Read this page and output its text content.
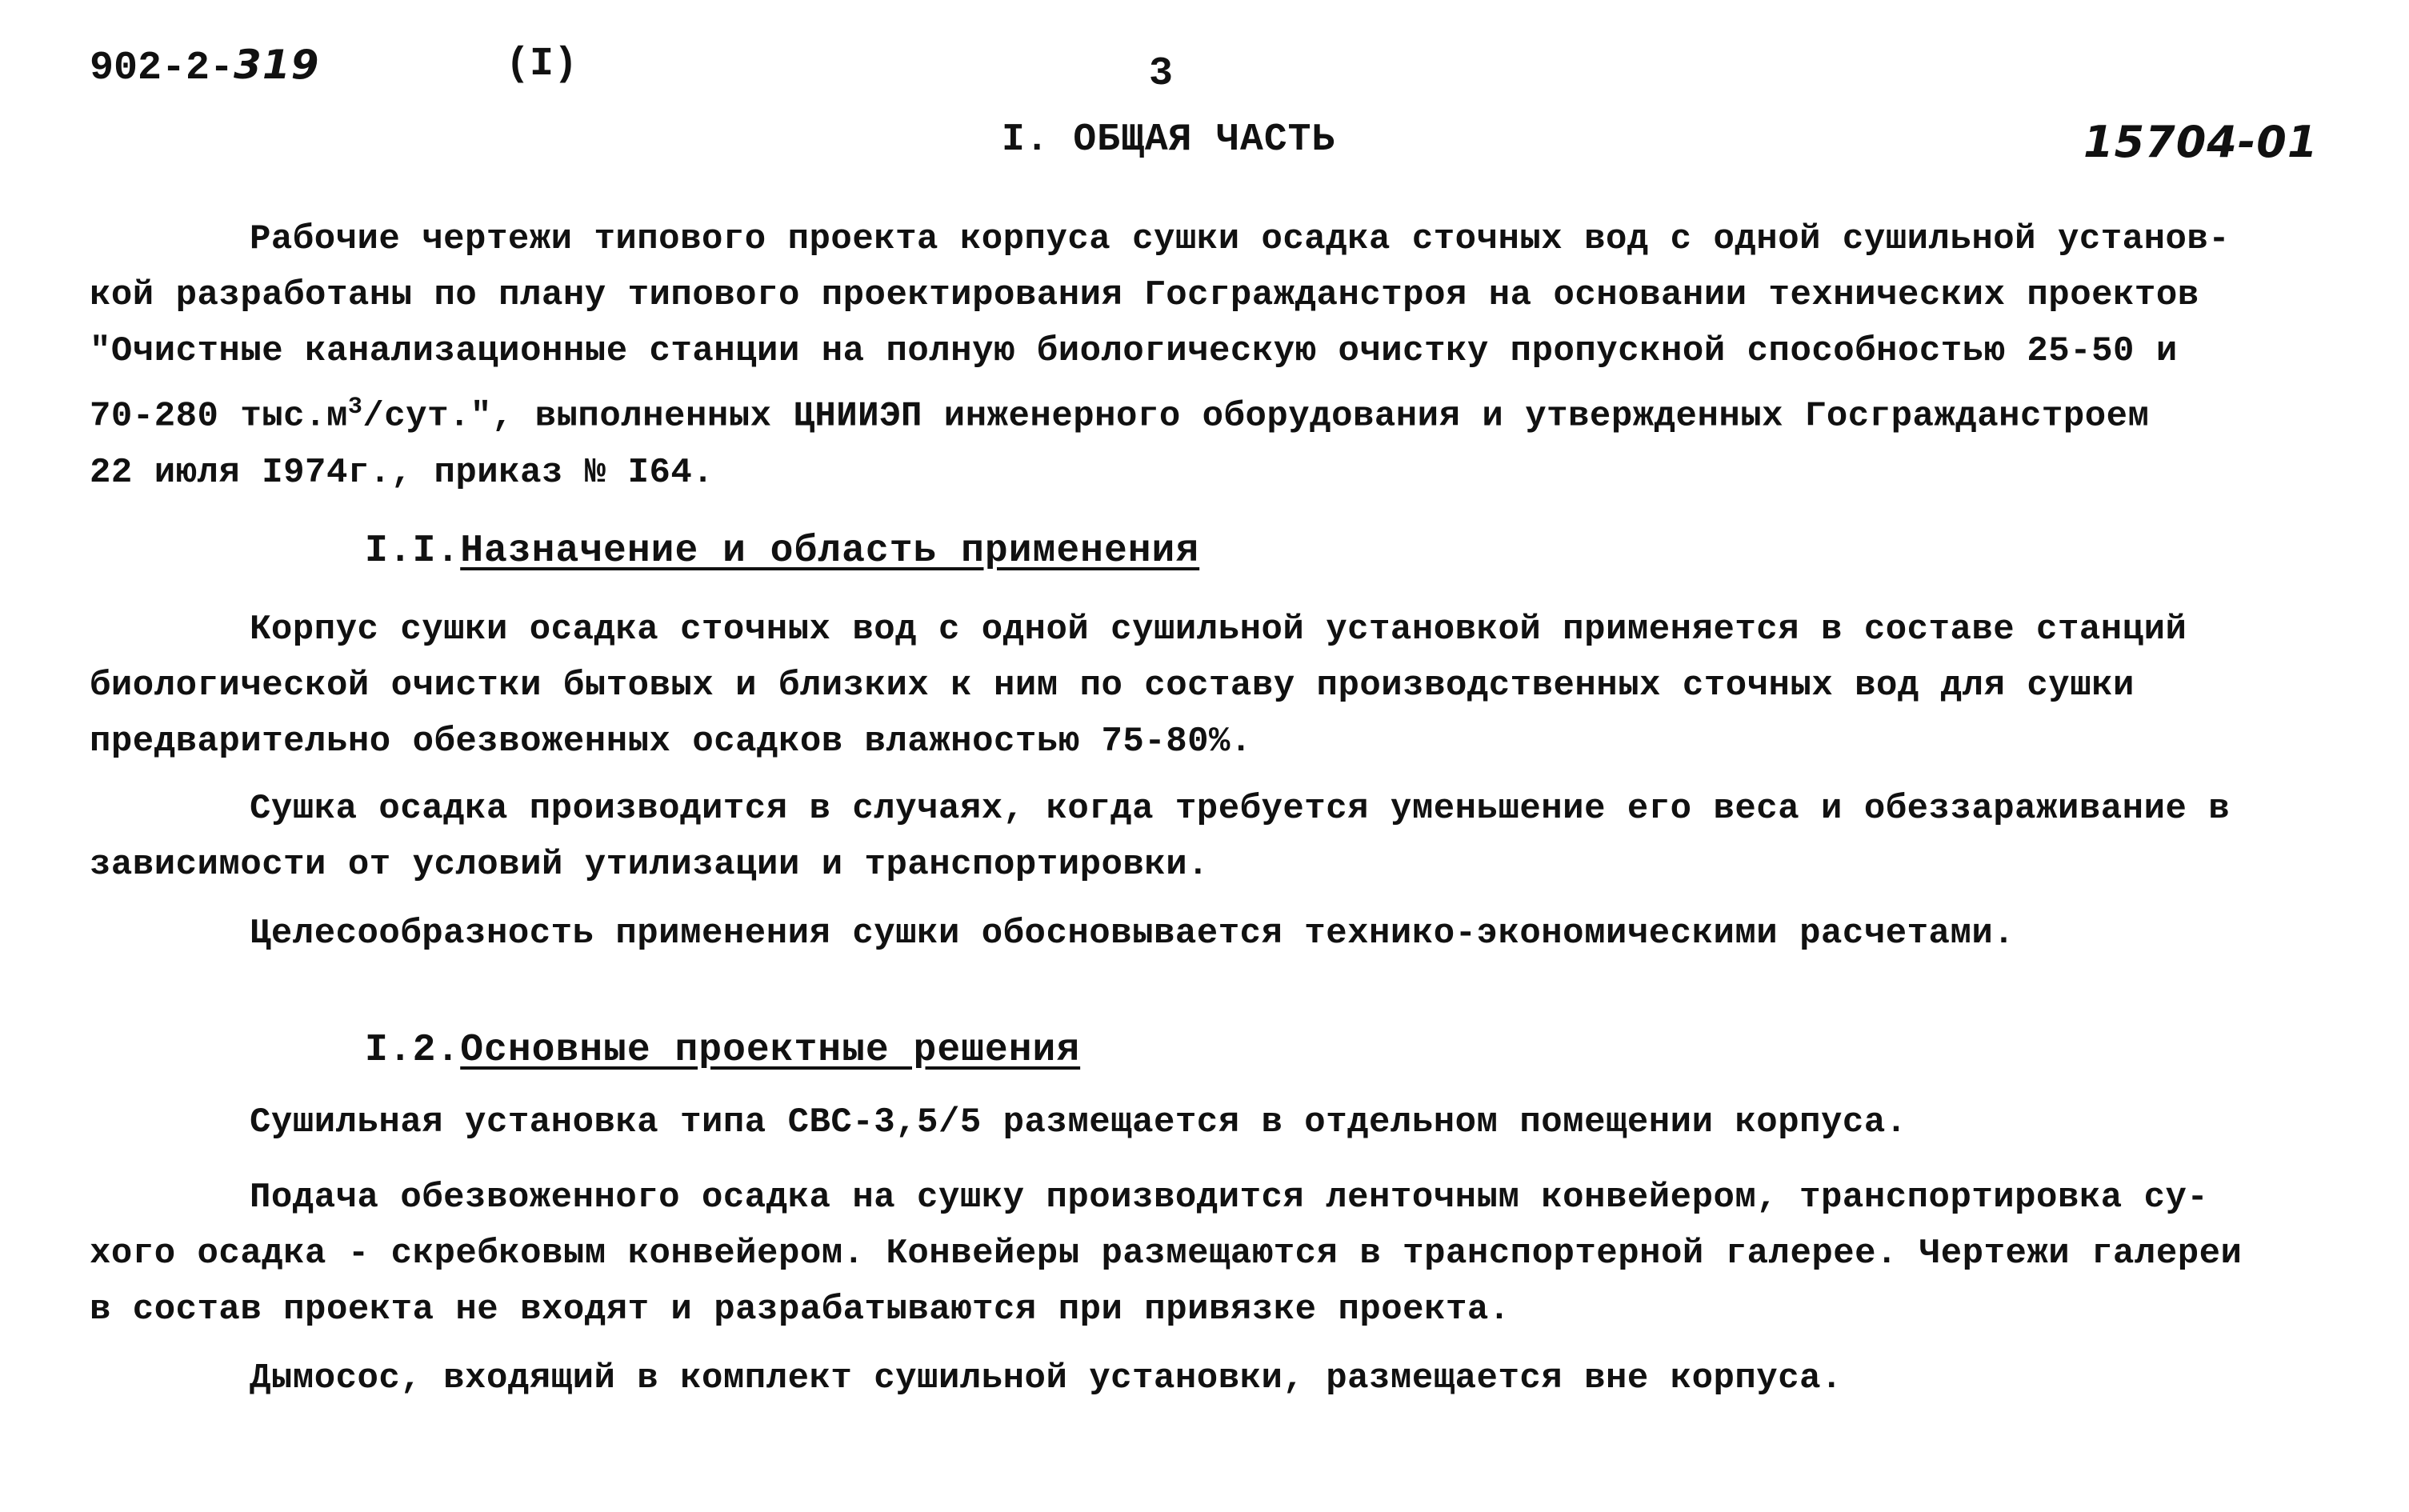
902-2-319	(I)	3
15704-01
I. ОБЩАЯ ЧАСТЬ
Рабочие чертежи типового проекта корпуса сушки осадка сточных вод с одной сушильной установ-
кой разработаны по плану типового проектирования Госгражданстроя на основании технических проектов
"Очистные канализационные станции на полную биологическую очистку пропускной способностью 25-50 и
70-280 $тыс.м^3$/сут.", выполненных ЦНИИЭП инженерного оборудования и утвержденных Госгражданстроем
22 июля I974г., приказ № I64.
I.I.Назначение и область применения
Корпус сушки осадка сточных вод с одной сушильной установкой применяется в составе станций
биологической очистки бытовых и близких к ним по составу производственных сточных вод для сушки
предварительно обезвоженных осадков влажностью 75-80%.
Сушка осадка производится в случаях, когда требуется уменьшение его веса и обеззараживание в
зависимости от условий утилизации и транспортировки.
Целесообразность применения сушки обосновывается технико-экономическими расчетами.
I.2.Основные проектные решения
Сушильная установка типа СВС-3,5/5 размещается в отдельном помещении корпуса.
Подача обезвоженного осадка на сушку производится ленточным конвейером, транспортировка су-
хого осадка - скребковым конвейером. Конвейеры размещаются в транспортерной галерее. Чертежи галереи
в состав проекта не входят и разрабатываются при привязке проекта.
Дымосос, входящий в комплект сушильной установки, размещается вне корпуса.
